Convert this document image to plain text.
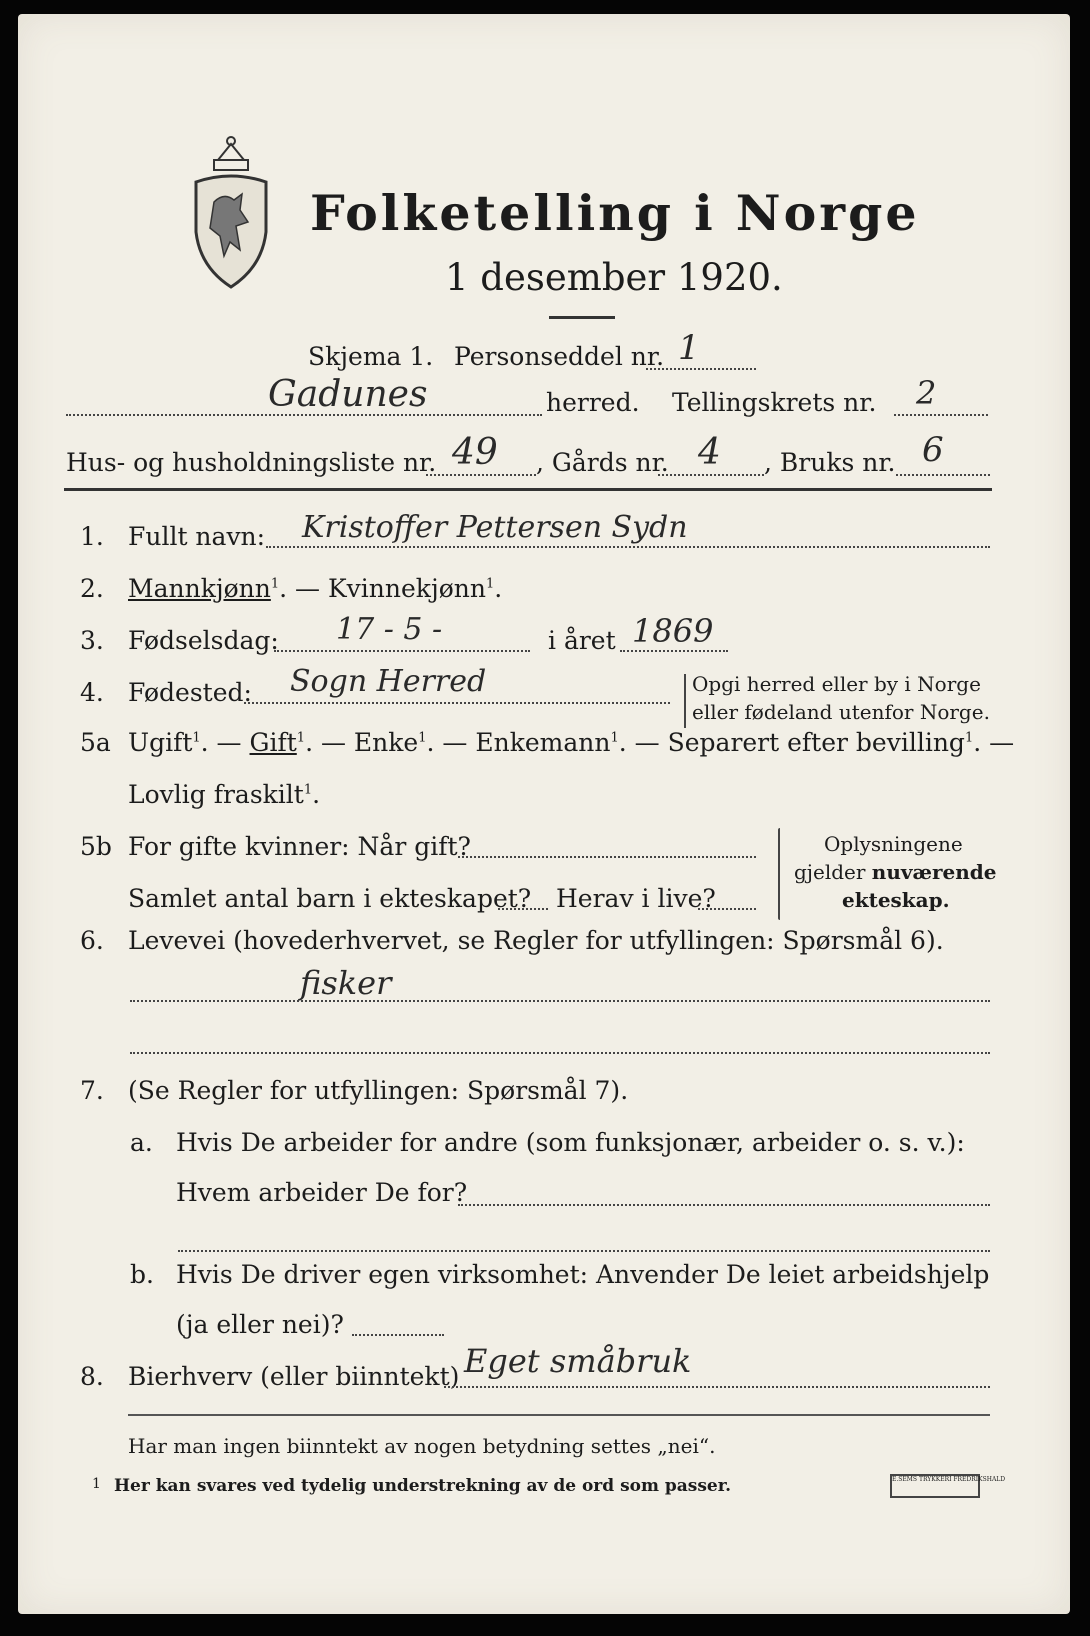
Folketelling i Norge
1 desember 1920.
Skjema 1. Personseddel nr. 1
Gadunes	herred. Tellingskrets nr. 2
Hus- og husholdningsliste nr. 49 , Gårds nr. 4 , Bruks nr. 6
1. Fullt navn: Kristoffer Pettersen Sydn
2. Mannkjønn$^1$. — Kvinnekjønn$^1$.
3. Fødselsdag: 17 - 5 -	i året 1869
4. Fødested: Sogn Herred	Opgi herred eller by i Norge
eller fødeland utenfor Norge.
5a Ugift$^1$. — Gift$^1$. — Enke$^1$. — Enkemann$^1$. — Separert efter bevilling$^1$. —
Lovlig fraskilt$^1$.
5b For gifte kvinner: Når gift?
Samlet antal barn i ekteskapet? Herav i live?
Oplysningene
gjelder nuværende
ekteskap.
6. Levevei (hovederhvervet, se Regler for utfyllingen: Spørsmål 6).
fisker
7. (Se Regler for utfyllingen: Spørsmål 7).
a. Hvis De arbeider for andre (som funksjonær, arbeider o. s. v.):
Hvem arbeider De for?
b. Hvis De driver egen virksomhet: Anvender De leiet arbeidshjelp
(ja eller nei)?
8. Bierhverv (eller biinntekt) Eget småbruk
Har man ingen biinntekt av nogen betydning settes „nei“.
1 Her kan svares ved tydelig understrekning av de ord som passer.	E.SEMS TRYKKERI FREDRIKSHALD
